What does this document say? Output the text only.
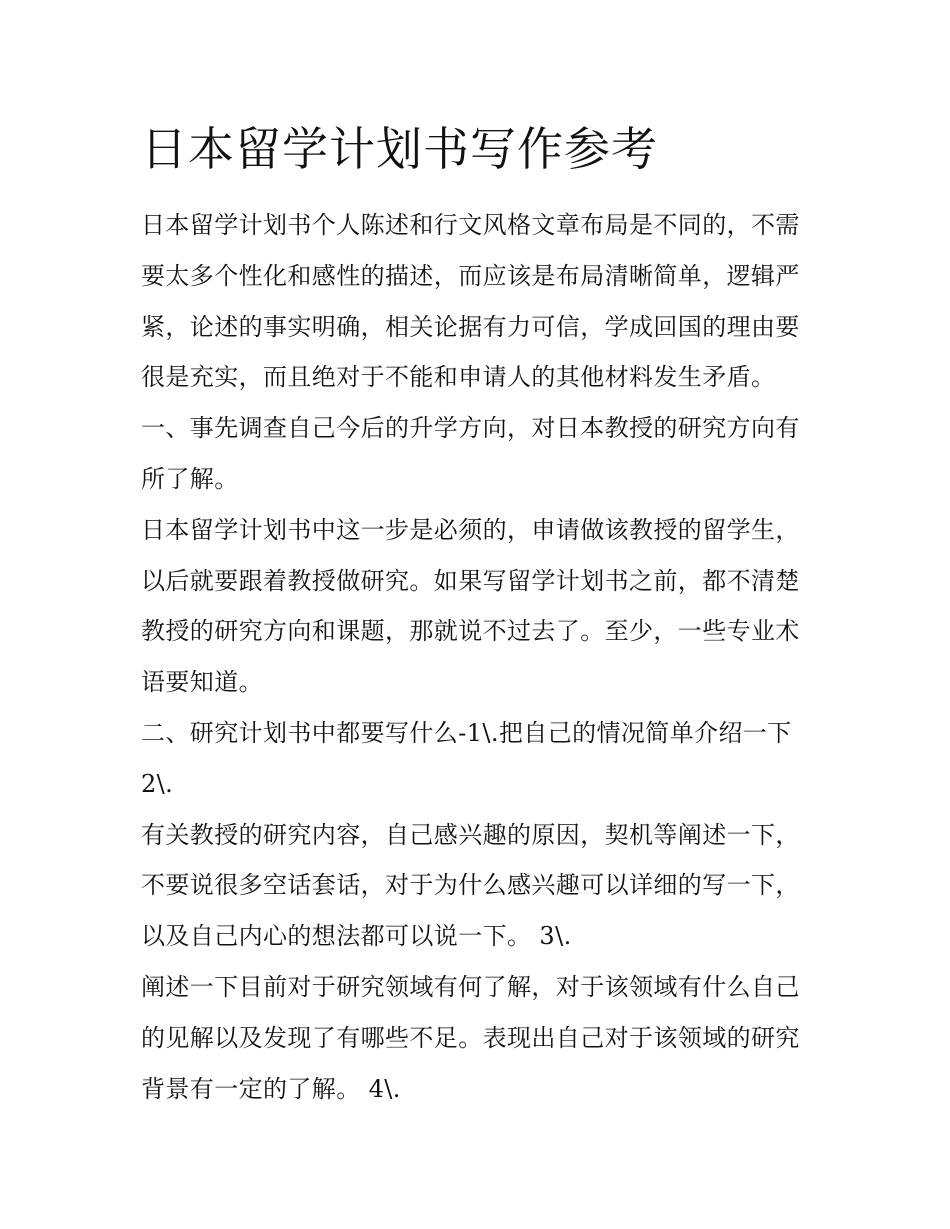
日本留学计划书写作参考

日本留学计划书个人陈述和行文风格文章布局是不同的，不需要太多个性化和感性的描述，而应该是布局清晰简单，逻辑严紧，论述的事实明确，相关论据有力可信，学成回国的理由要很是充实，而且绝对于不能和申请人的其他材料发生矛盾。

一、事先调查自己今后的升学方向，对日本教授的研究方向有所了解。

日本留学计划书中这一步是必须的，申请做该教授的留学生，以后就要跟着教授做研究。如果写留学计划书之前，都不清楚教授的研究方向和课题，那就说不过去了。至少，一些专业术语要知道。

二、研究计划书中都要写什么-1\.把自己的情况简单介绍一下2\.

有关教授的研究内容，自己感兴趣的原因，契机等阐述一下，不要说很多空话套话，对于为什么感兴趣可以详细的写一下，以及自己内心的想法都可以说一下。 3\.

阐述一下目前对于研究领域有何了解，对于该领域有什么自己的见解以及发现了有哪些不足。表现出自己对于该领域的研究背景有一定的了解。 4\.
